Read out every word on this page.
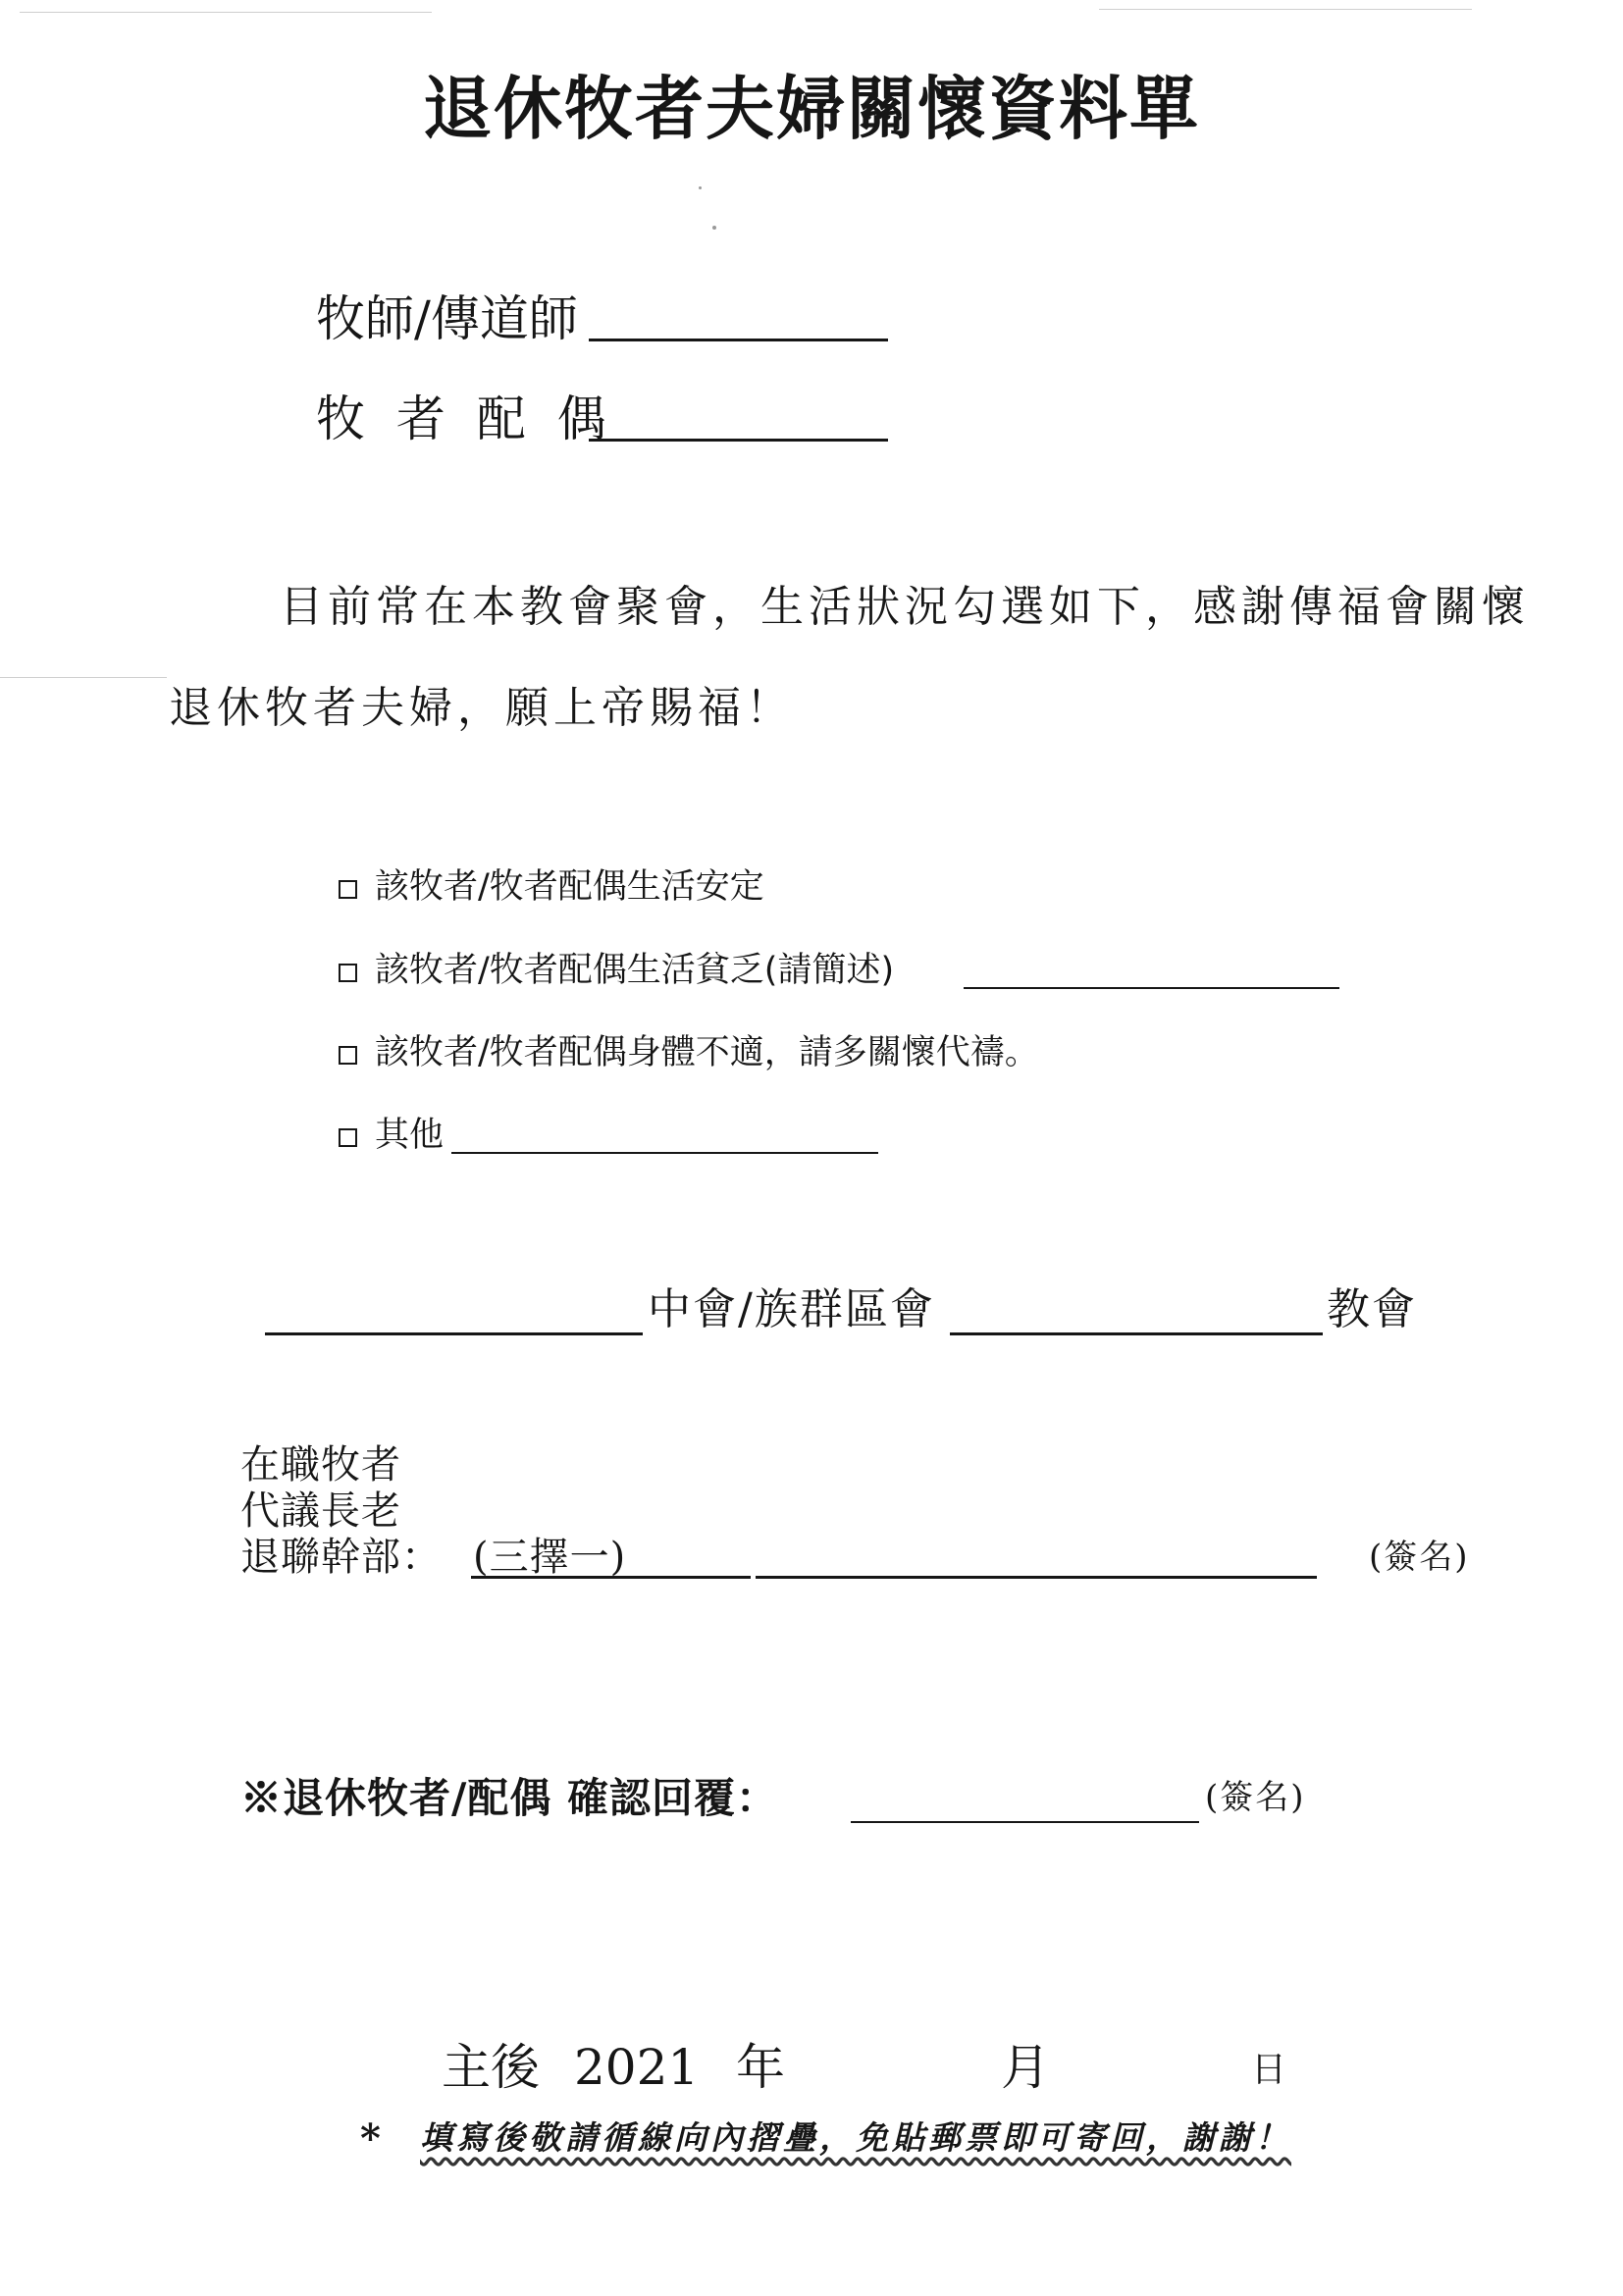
退休牧者夫婦關懷資料單
牧師/傳道師
牧 者 配 偶
目前常在本教會聚會，生活狀況勾選如下，感謝傳福會關懷
退休牧者夫婦，願上帝賜福！
該牧者/牧者配偶生活安定
該牧者/牧者配偶生活貧乏(請簡述)
該牧者/牧者配偶身體不適，請多關懷代禱。
其他
中會/族群區會	教會
在職牧者
代議長老
退聯幹部： (三擇一)	(簽名)
※退休牧者/配偶 確認回覆：	(簽名)
主後 2021 年	月	日
* 填寫後敬請循線向內摺疊，免貼郵票即可寄回，謝謝！
